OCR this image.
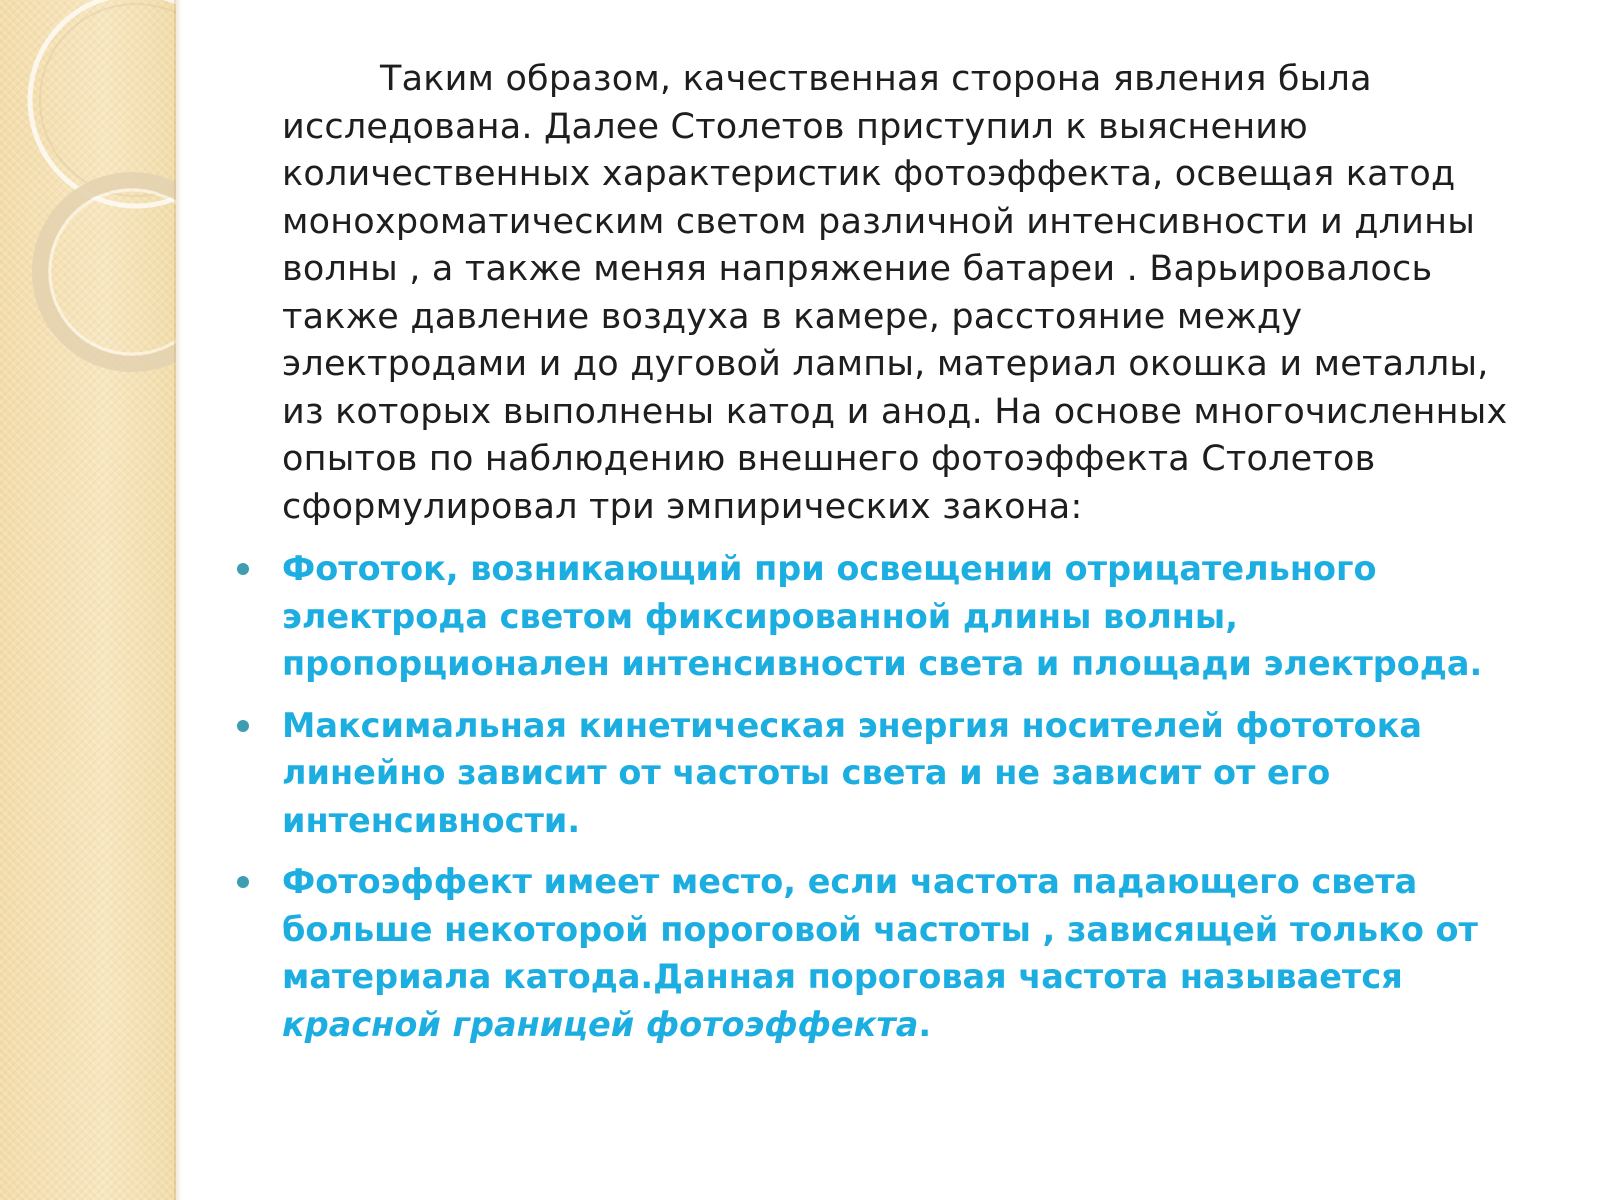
Таким образом, качественная сторона явления была исследована. Далее Столетов приступил к выяснению количественных характеристик фотоэффекта, освещая катод монохроматическим светом различной интенсивности и длины волны , а также меняя напряжение батареи . Варьировалось также давление воздуха в камере, расстояние между электродами и до дуговой лампы, материал окошка и металлы, из которых выполнены катод и анод. На основе многочисленных опытов по наблюдению внешнего фотоэффекта Столетов сформулировал три эмпирических закона:

Фототок, возникающий при освещении отрицательного электрода светом фиксированной длины волны, пропорционален интенсивности света и площади электрода.
Максимальная кинетическая энергия носителей фототока линейно зависит от частоты света и не зависит от его интенсивности.
Фотоэффект имеет место, если частота падающего света больше некоторой пороговой частоты , зависящей только от материала катода.Данная пороговая частота называется красной границей фотоэффекта.
